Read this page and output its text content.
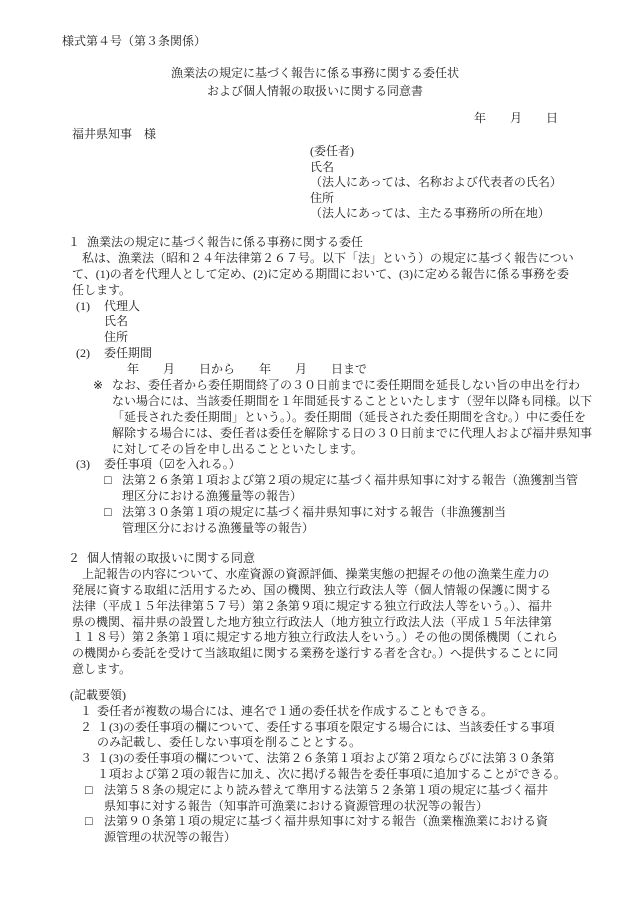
様式第４号（第３条関係）
漁業法の規定に基づく報告に係る事務に関する委任状
および個人情報の取扱いに関する同意書
年　　月　　日
福井県知事　様
(委任者)
氏名
（法人にあっては、名称および代表者の氏名）
住所
（法人にあっては、主たる事務所の所在地）
１ 漁業法の規定に基づく報告に係る事務に関する委任
私は、漁業法（昭和２４年法律第２６７号。以下「法」という）の規定に基づく報告につい
て、(1)の者を代理人として定め、(2)に定める期間において、(3)に定める報告に係る事務を委
任します。
(1)	代理人
氏名
住所
(2)	委任期間
年　　月　　日から　　年　　月　　日まで
※ なお、委任者から委任期間終了の３０日前までに委任期間を延長しない旨の申出を行わ
ない場合には、当該委任期間を１年間延長することといたします（翌年以降も同様。以下
「延長された委任期間」という。）。委任期間（延長された委任期間を含む。）中に委任を
解除する場合には、委任者は委任を解除する日の３０日前までに代理人および福井県知事
に対してその旨を申し出ることといたします。
(3)	委任事項（☑を入れる。）
□ 法第２６条第１項および第２項の規定に基づく福井県知事に対する報告（漁獲割当管
理区分における漁獲量等の報告）
□ 法第３０条第１項の規定に基づく福井県知事に対する報告（非漁獲割当
管理区分における漁獲量等の報告）
２ 個人情報の取扱いに関する同意
上記報告の内容について、水産資源の資源評価、操業実態の把握その他の漁業生産力の
発展に資する取組に活用するため、国の機関、独立行政法人等（個人情報の保護に関する
法律（平成１５年法律第５７号）第２条第９項に規定する独立行政法人等をいう。）、福井
県の機関、福井県の設置した地方独立行政法人（地方独立行政法人法（平成１５年法律第
１１８号）第２条第１項に規定する地方独立行政法人をいう。）その他の関係機関（これら
の機関から委託を受けて当該取組に関する業務を遂行する者を含む。）へ提供することに同
意します。
(記載要領)
１ 委任者が複数の場合には、連名で１通の委任状を作成することもできる。
２ １(3)の委任事項の欄について、委任する事項を限定する場合には、当該委任する事項
のみ記載し、委任しない事項を削ることとする。
３ １(3)の委任事項の欄について、法第２６条第１項および第２項ならびに法第３０条第
１項および第２項の報告に加え、次に掲げる報告を委任事項に追加することができる。
□ 法第５８条の規定により読み替えて準用する法第５２条第１項の規定に基づく福井
県知事に対する報告（知事許可漁業における資源管理の状況等の報告）
□ 法第９０条第１項の規定に基づく福井県知事に対する報告（漁業権漁業における資
源管理の状況等の報告）
